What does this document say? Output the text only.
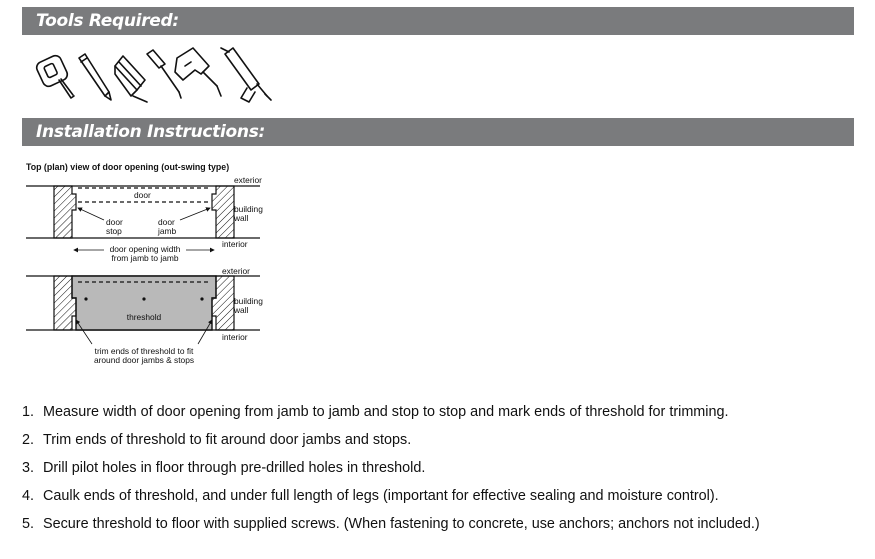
Tools Required:
Installation Instructions:
Top (plan) view of door opening (out-swing type)
exterior
door
door
stop
door
jamb
building
wall
interior
door opening width
from jamb to jamb
exterior
building
wall
threshold
interior
trim ends of threshold to fit
around door jambs & stops
1. Measure width of door opening from jamb to jamb and stop to stop and mark ends of threshold for trimming.
2. Trim ends of threshold to fit around door jambs and stops.
3. Drill pilot holes in floor through pre-drilled holes in threshold.
4. Caulk ends of threshold, and under full length of legs (important for effective sealing and moisture control).
5. Secure threshold to floor with supplied screws. (When fastening to concrete, use anchors; anchors not included.)
